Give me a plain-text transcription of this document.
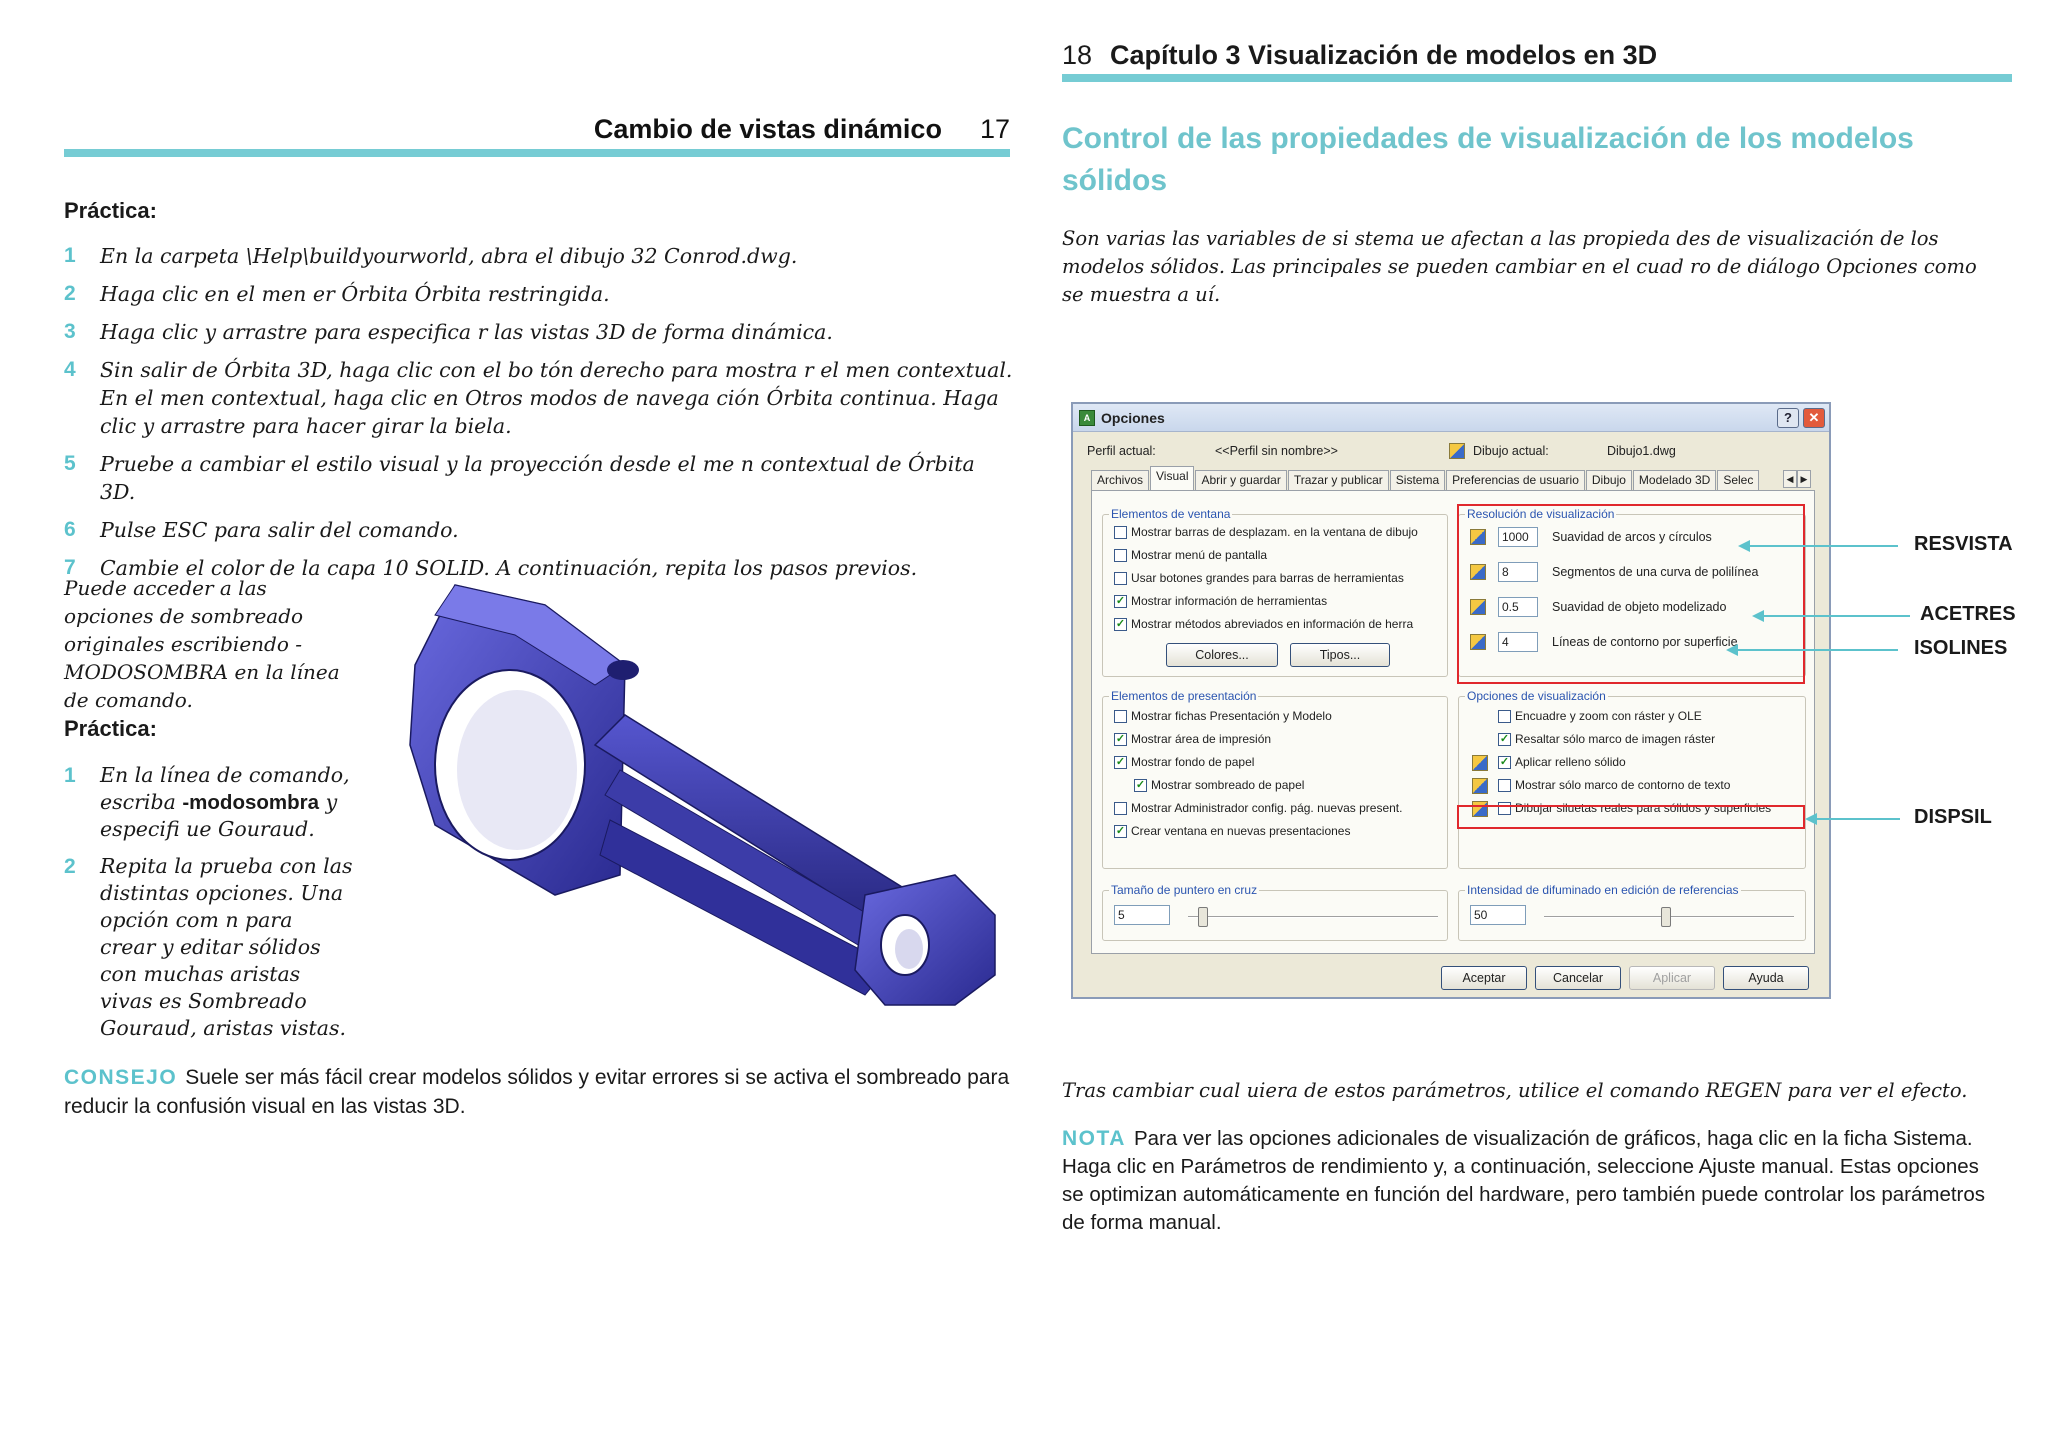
Cambio de vistas dinámico 17
Práctica:
1 En la carpeta \Help\buildyourworld, abra el dibujo 32 Conrod.dwg.
2 Haga clic en el men er Órbita Órbita restringida.
3 Haga clic y arrastre para especifica r las vistas 3D de forma dinámica.
4 Sin salir de Órbita 3D, haga clic con el bo tón derecho para mostra r el men contextual. En el men contextual, haga clic en Otros modos de navega ción Órbita continua. Haga clic y arrastre para hacer girar la biela.
5 Pruebe a cambiar el estilo visual y la proyección desde el me n contextual de Órbita 3D.
6 Pulse ESC para salir del comando.
7 Cambie el color de la capa 10 SOLID. A continuación, repita los pasos previos.
Puede acceder a las opciones de sombreado originales escribiendo -MODOSOMBRA en la línea de comando.
Práctica:
1 En la línea de comando, escriba -modosombra y especifi ue Gouraud.
2 Repita la prueba con las distintas opciones. Una opción com n para crear y editar sólidos con muchas aristas vivas es Sombreado Gouraud, aristas vistas.
CONSEJO Suele ser más fácil crear modelos sólidos y evitar errores si se activa el sombreado para reducir la confusión visual en las vistas 3D.
18 Capítulo 3 Visualización de modelos en 3D
Control de las propiedades de visualización de los modelos sólidos
Son varias las variables de si stema ue afectan a las propieda des de visualización de los modelos sólidos. Las principales se pueden cambiar en el cuad ro de diálogo Opciones como se muestra a uí.
A Opciones	?	✕
Perfil actual:	<<Perfil sin nombre>>	Dibujo actual:	Dibujo1.dwg
Archivos	Visual	Abrir y guardar	Trazar y publicar	Sistema	Preferencias de usuario	Dibujo	Modelado 3D	Selec	◀ ▶
Elementos de ventana
Mostrar barras de desplazam. en la ventana de dibujo
Mostrar menú de pantalla
Usar botones grandes para barras de herramientas
✓ Mostrar información de herramientas
✓ Mostrar métodos abreviados en información de herra
Colores...	Tipos...
Resolución de visualización
1000	Suavidad de arcos y círculos
8	Segmentos de una curva de polilínea
0.5	Suavidad de objeto modelizado
4	Líneas de contorno por superficie
Elementos de presentación
Mostrar fichas Presentación y Modelo
✓ Mostrar área de impresión
✓ Mostrar fondo de papel
✓ Mostrar sombreado de papel
Mostrar Administrador config. pág. nuevas present.
✓ Crear ventana en nuevas presentaciones
Opciones de visualización
Encuadre y zoom con ráster y OLE
✓ Resaltar sólo marco de imagen ráster
✓ Aplicar relleno sólido
Mostrar sólo marco de contorno de texto
Dibujar siluetas reales para sólidos y superficies
Tamaño de puntero en cruz
5
Intensidad de difuminado en edición de referencias
50
Aceptar	Cancelar	Aplicar	Ayuda
RESVISTA
ACETRES
ISOLINES
DISPSIL
Tras cambiar cual uiera de estos parámetros, utilice el comando REGEN para ver el efecto.
NOTA Para ver las opciones adicionales de visualización de gráficos, haga clic en la ficha Sistema. Haga clic en Parámetros de rendimiento y, a continuación, seleccione Ajuste manual. Estas opciones se optimizan automáticamente en función del hardware, pero también puede controlar los parámetros de forma manual.
